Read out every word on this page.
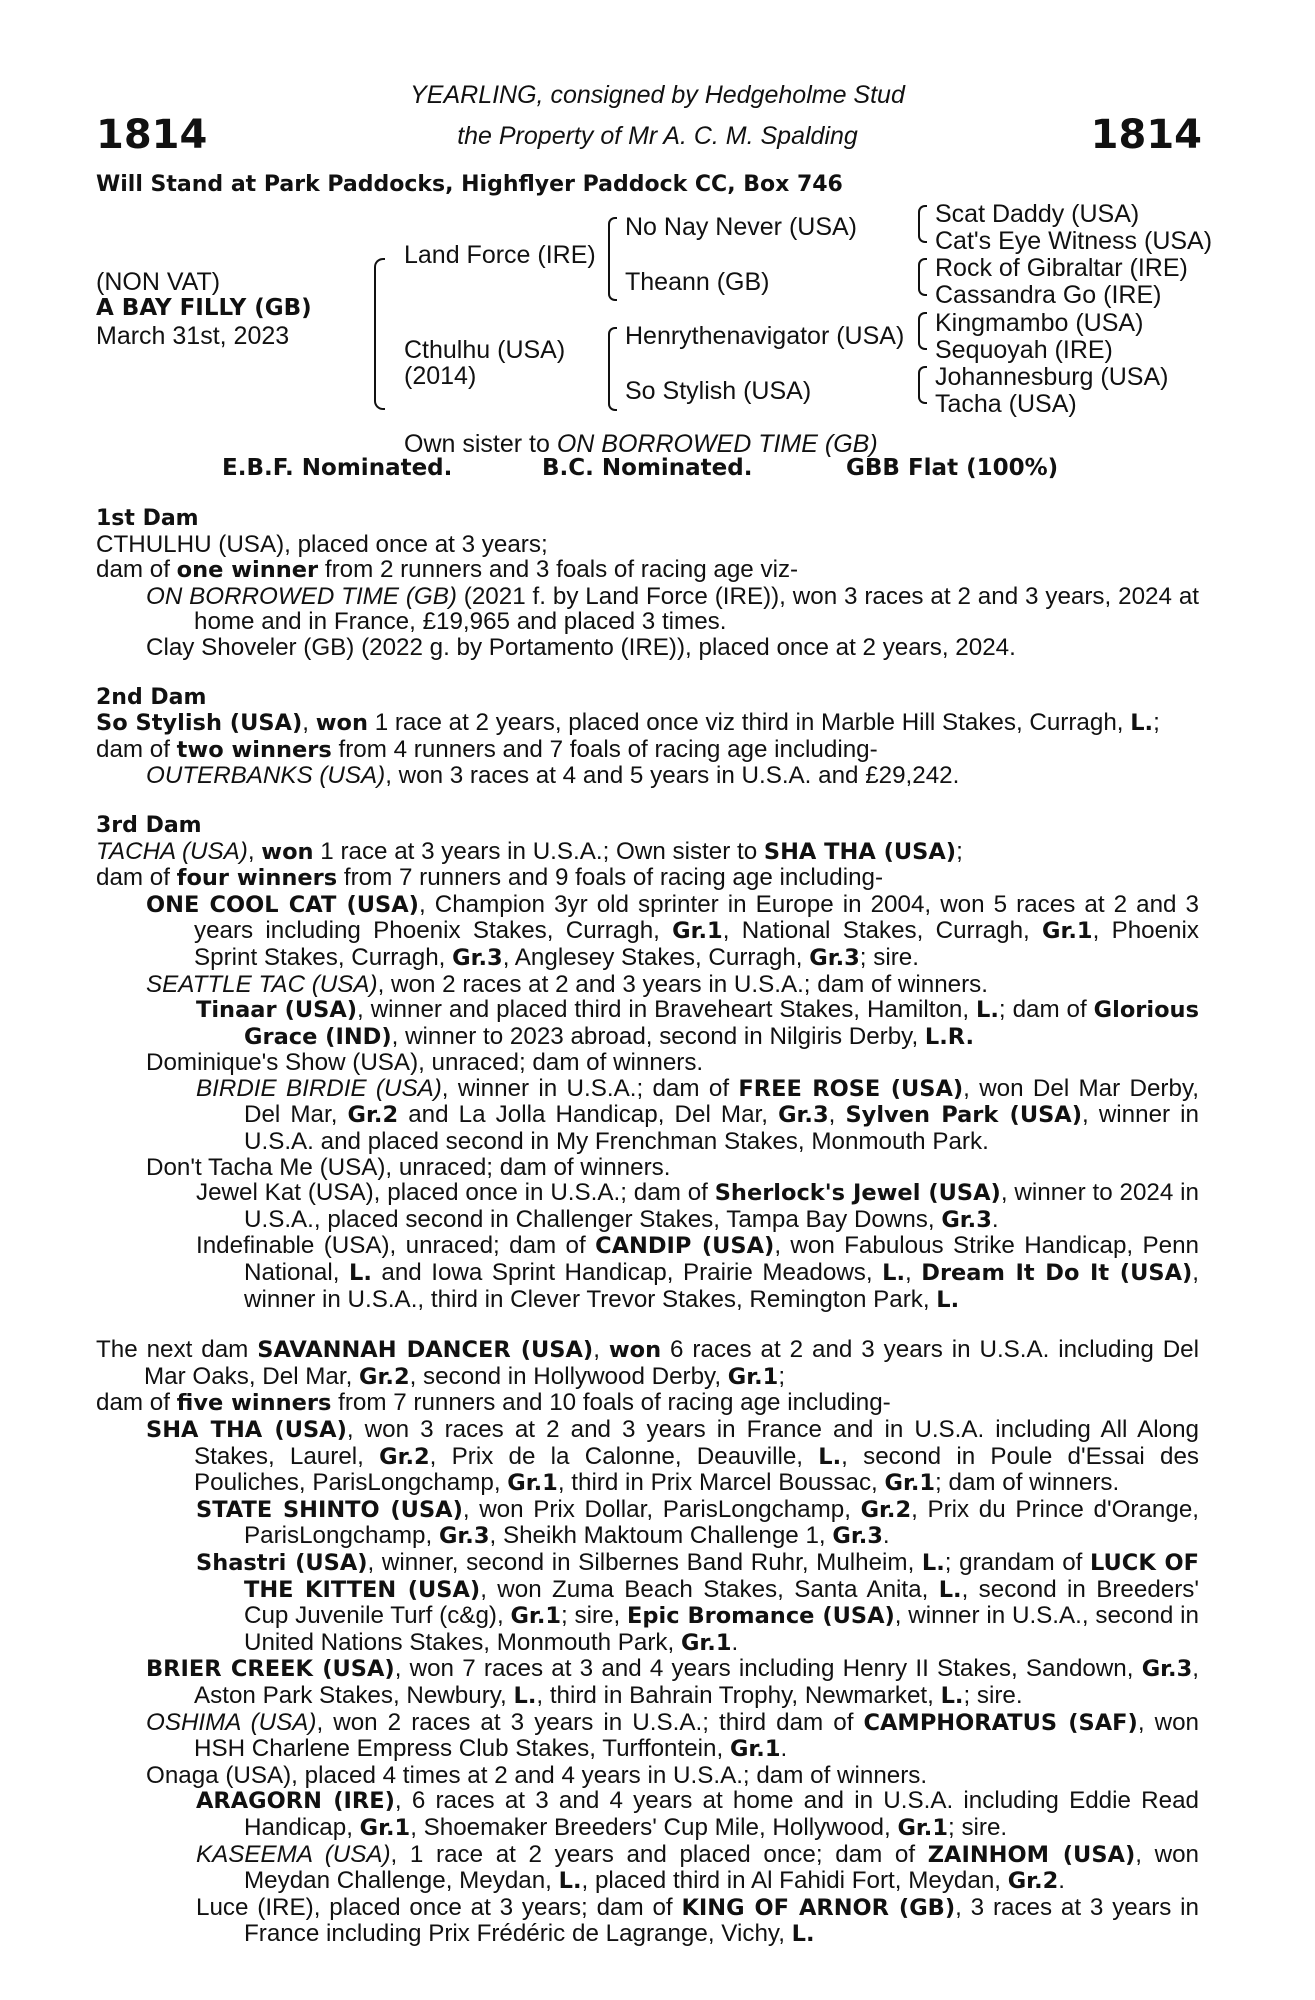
1814	1814
YEARLING, consigned by Hedgeholme Stud
the Property of Mr A. C. M. Spalding
Will Stand at Park Paddocks, Highflyer Paddock CC, Box 746
(NON VAT)
A BAY FILLY (GB)
March 31st, 2023
Land Force (IRE)
Cthulhu (USA)
(2014)
No Nay Never (USA)
Theann (GB)
Henrythenavigator (USA)
So Stylish (USA)
Scat Daddy (USA)
Cat's Eye Witness (USA)
Rock of Gibraltar (IRE)
Cassandra Go (IRE)
Kingmambo (USA)
Sequoyah (IRE)
Johannesburg (USA)
Tacha (USA)
Own sister to ON BORROWED TIME (GB)
E.B.F. Nominated.	B.C. Nominated.	GBB Flat (100%)
1st Dam
CTHULHU (USA), placed once at 3 years;
dam of one winner from 2 runners and 3 foals of racing age viz-
ON BORROWED TIME (GB) (2021 f. by Land Force (IRE)), won 3 races at 2 and 3 years, 2024 at home and in France, £19,965 and placed 3 times.
Clay Shoveler (GB) (2022 g. by Portamento (IRE)), placed once at 2 years, 2024.
2nd Dam
So Stylish (USA), won 1 race at 2 years, placed once viz third in Marble Hill Stakes, Curragh, L.;
dam of two winners from 4 runners and 7 foals of racing age including-
OUTERBANKS (USA), won 3 races at 4 and 5 years in U.S.A. and £29,242.
3rd Dam
TACHA (USA), won 1 race at 3 years in U.S.A.; Own sister to SHA THA (USA);
dam of four winners from 7 runners and 9 foals of racing age including-
ONE COOL CAT (USA), Champion 3yr old sprinter in Europe in 2004, won 5 races at 2 and 3 years including Phoenix Stakes, Curragh, Gr.1, National Stakes, Curragh, Gr.1, Phoenix Sprint Stakes, Curragh, Gr.3, Anglesey Stakes, Curragh, Gr.3; sire.
SEATTLE TAC (USA), won 2 races at 2 and 3 years in U.S.A.; dam of winners.
Tinaar (USA), winner and placed third in Braveheart Stakes, Hamilton, L.; dam of Glorious Grace (IND), winner to 2023 abroad, second in Nilgiris Derby, L.R.
Dominique's Show (USA), unraced; dam of winners.
BIRDIE BIRDIE (USA), winner in U.S.A.; dam of FREE ROSE (USA), won Del Mar Derby, Del Mar, Gr.2 and La Jolla Handicap, Del Mar, Gr.3, Sylven Park (USA), winner in U.S.A. and placed second in My Frenchman Stakes, Monmouth Park.
Don't Tacha Me (USA), unraced; dam of winners.
Jewel Kat (USA), placed once in U.S.A.; dam of Sherlock's Jewel (USA), winner to 2024 in U.S.A., placed second in Challenger Stakes, Tampa Bay Downs, Gr.3.
Indefinable (USA), unraced; dam of CANDIP (USA), won Fabulous Strike Handicap, Penn National, L. and Iowa Sprint Handicap, Prairie Meadows, L., Dream It Do It (USA), winner in U.S.A., third in Clever Trevor Stakes, Remington Park, L.
The next dam SAVANNAH DANCER (USA), won 6 races at 2 and 3 years in U.S.A. including Del Mar Oaks, Del Mar, Gr.2, second in Hollywood Derby, Gr.1;
dam of five winners from 7 runners and 10 foals of racing age including-
SHA THA (USA), won 3 races at 2 and 3 years in France and in U.S.A. including All Along Stakes, Laurel, Gr.2, Prix de la Calonne, Deauville, L., second in Poule d'Essai des Pouliches, ParisLongchamp, Gr.1, third in Prix Marcel Boussac, Gr.1; dam of winners.
STATE SHINTO (USA), won Prix Dollar, ParisLongchamp, Gr.2, Prix du Prince d'Orange, ParisLongchamp, Gr.3, Sheikh Maktoum Challenge 1, Gr.3.
Shastri (USA), winner, second in Silbernes Band Ruhr, Mulheim, L.; grandam of LUCK OF THE KITTEN (USA), won Zuma Beach Stakes, Santa Anita, L., second in Breeders' Cup Juvenile Turf (c&g), Gr.1; sire, Epic Bromance (USA), winner in U.S.A., second in United Nations Stakes, Monmouth Park, Gr.1.
BRIER CREEK (USA), won 7 races at 3 and 4 years including Henry II Stakes, Sandown, Gr.3, Aston Park Stakes, Newbury, L., third in Bahrain Trophy, Newmarket, L.; sire.
OSHIMA (USA), won 2 races at 3 years in U.S.A.; third dam of CAMPHORATUS (SAF), won HSH Charlene Empress Club Stakes, Turffontein, Gr.1.
Onaga (USA), placed 4 times at 2 and 4 years in U.S.A.; dam of winners.
ARAGORN (IRE), 6 races at 3 and 4 years at home and in U.S.A. including Eddie Read Handicap, Gr.1, Shoemaker Breeders' Cup Mile, Hollywood, Gr.1; sire.
KASEEMA (USA), 1 race at 2 years and placed once; dam of ZAINHOM (USA), won Meydan Challenge, Meydan, L., placed third in Al Fahidi Fort, Meydan, Gr.2.
Luce (IRE), placed once at 3 years; dam of KING OF ARNOR (GB), 3 races at 3 years in France including Prix Frédéric de Lagrange, Vichy, L.
